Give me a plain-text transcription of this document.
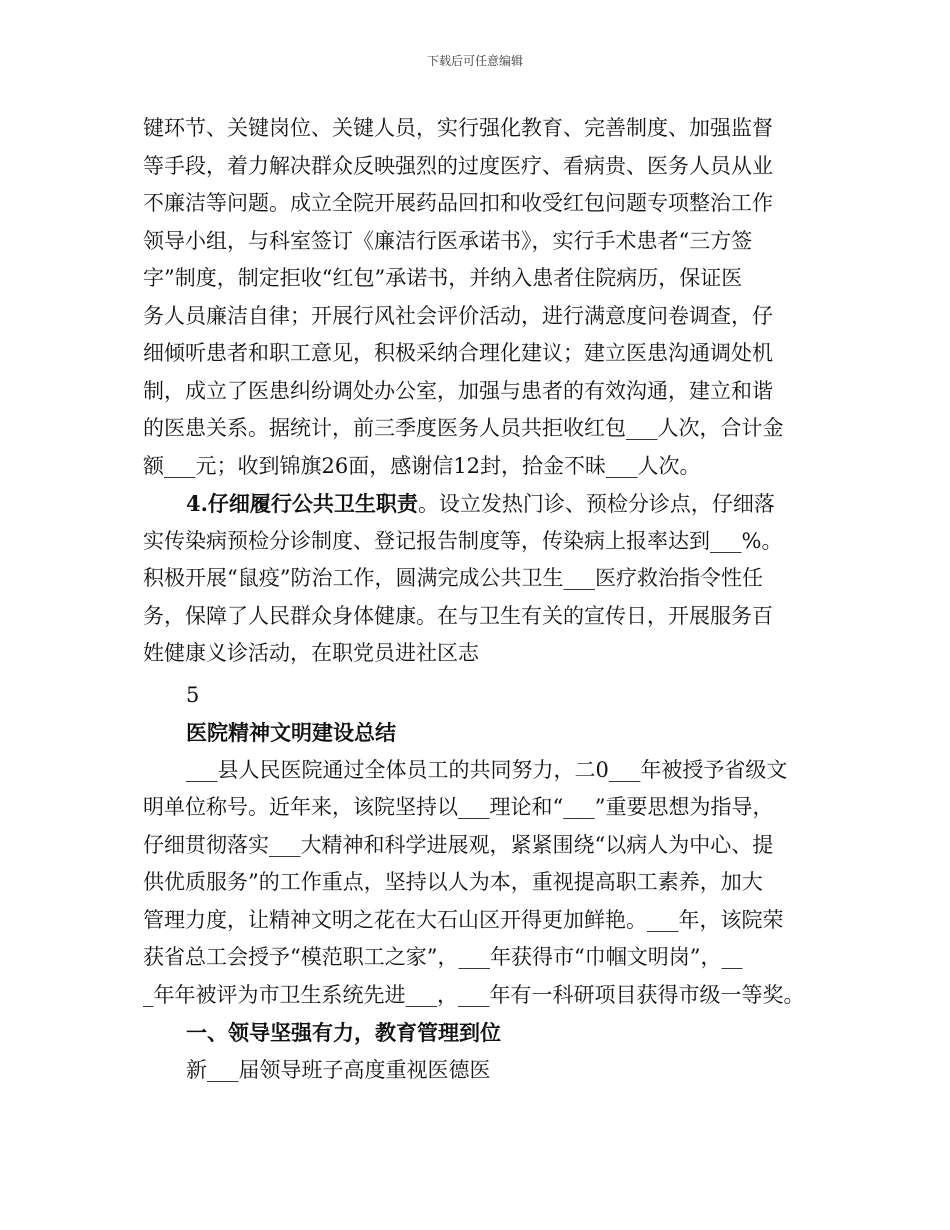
下载后可任意编辑
键环节、关键岗位、关键人员，实行强化教育、完善制度、加强监督
等手段，着力解决群众反映强烈的过度医疗、看病贵、医务人员从业
不廉洁等问题。成立全院开展药品回扣和收受红包问题专项整治工作
领导小组，与科室签订《廉洁行医承诺书》，实行手术患者“三方签
字”制度，制定拒收“红包”承诺书，并纳入患者住院病历，保证医
务人员廉洁自律；开展行风社会评价活动，进行满意度问卷调查，仔
细倾听患者和职工意见，积极采纳合理化建议；建立医患沟通调处机
制，成立了医患纠纷调处办公室，加强与患者的有效沟通，建立和谐
的医患关系。据统计，前三季度医务人员共拒收红包___人次，合计金
额___元；收到锦旗26面，感谢信12封，拾金不昧___人次。
4.仔细履行公共卫生职责。设立发热门诊、预检分诊点，仔细落
实传染病预检分诊制度、登记报告制度等，传染病上报率达到___%。
积极开展“鼠疫”防治工作，圆满完成公共卫生___医疗救治指令性任
务，保障了人民群众身体健康。在与卫生有关的宣传日，开展服务百
姓健康义诊活动，在职党员进社区志
5
医院精神文明建设总结
___县人民医院通过全体员工的共同努力，二0___年被授予省级文
明单位称号。近年来，该院坚持以___理论和“___”重要思想为指导，
仔细贯彻落实___大精神和科学进展观，紧紧围绕“以病人为中心、提
供优质服务”的工作重点，坚持以人为本，重视提高职工素养，加大
管理力度，让精神文明之花在大石山区开得更加鲜艳。___年，该院荣
获省总工会授予“模范职工之家”，___年获得市“巾帼文明岗”，__
_年年被评为市卫生系统先进___，___年有一科研项目获得市级一等奖。
一、领导坚强有力，教育管理到位
新___届领导班子高度重视医德医
